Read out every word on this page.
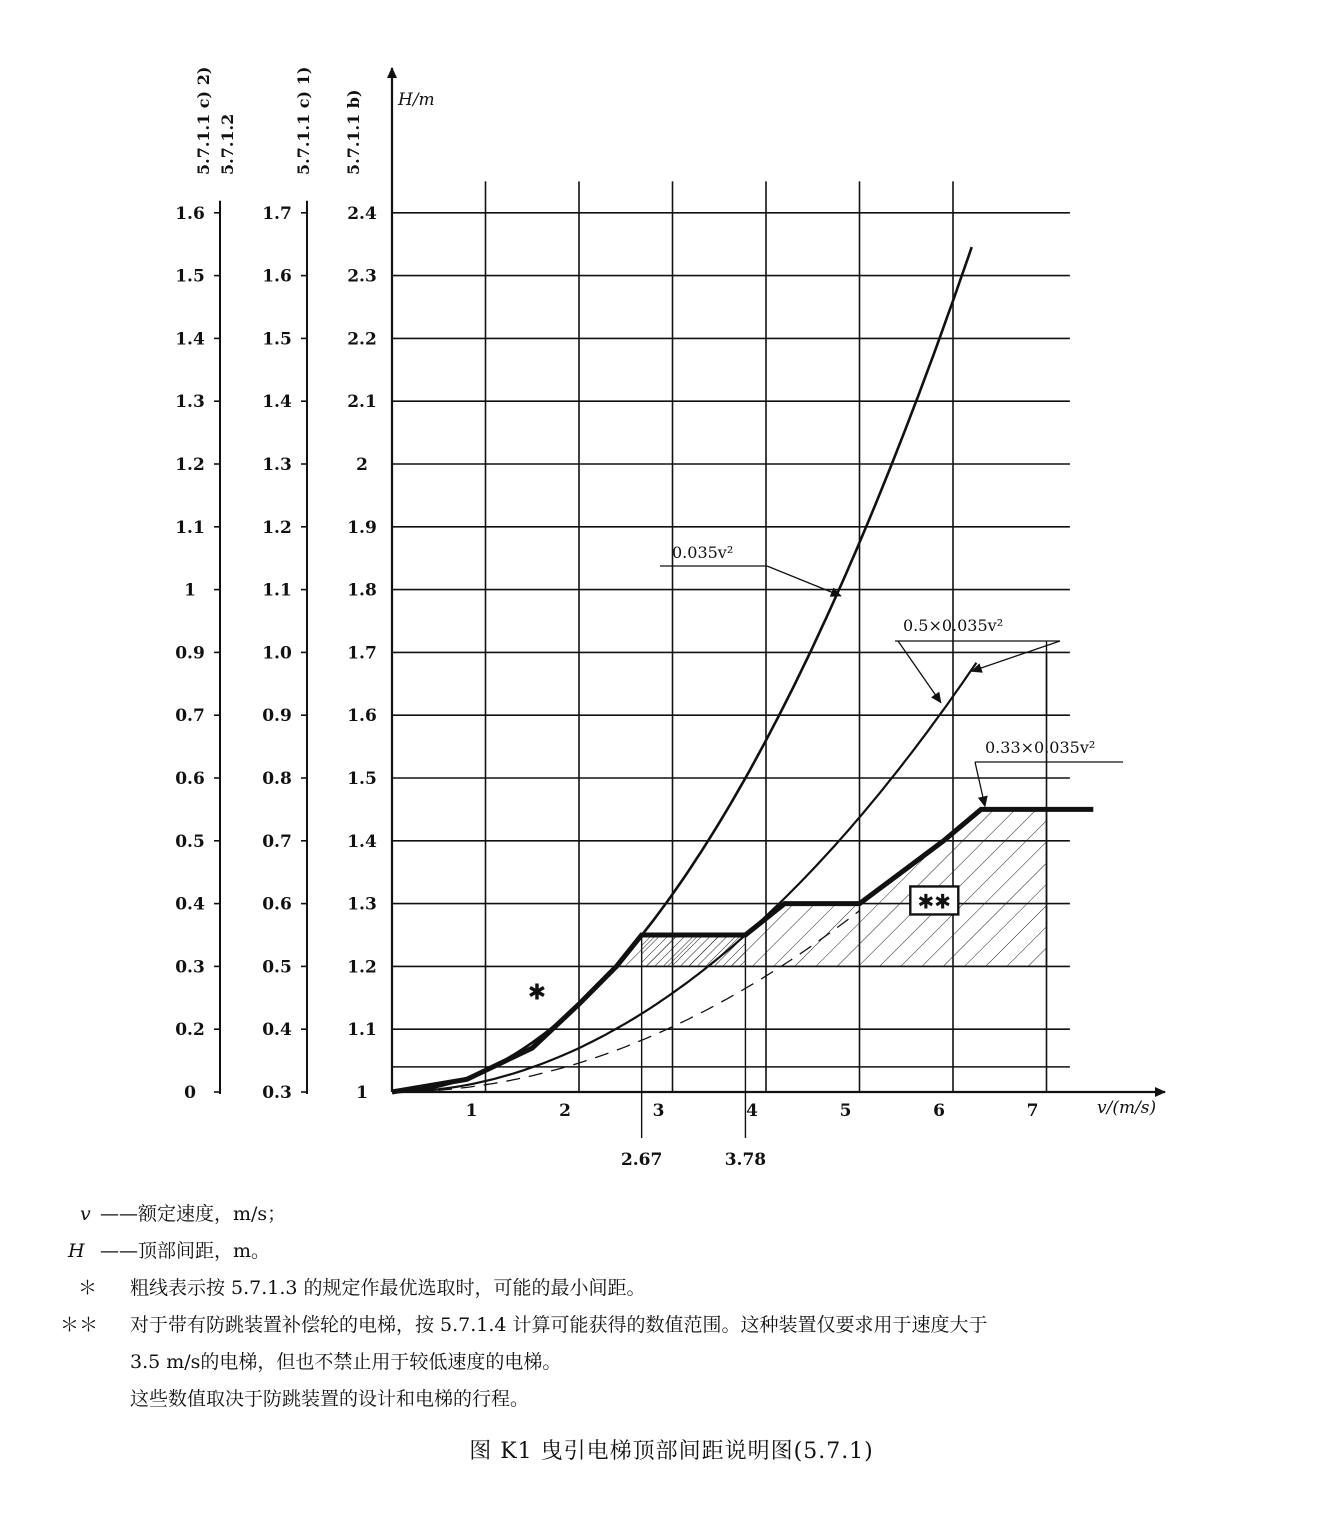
1	2	3	4	5	6	7
2.67	3.78
1
1.1
1.2
1.3
1.4
1.5
1.6
1.7
1.8
1.9
2
2.1
2.2
2.3
2.4
0.3
0.4
0.5
0.6
0.7
0.8
0.9
1.0
1.1
1.2
1.3
1.4
1.5
1.6
1.7
0
0.2
0.3
0.4
0.5
0.6
0.7
0.9
1
1.1
1.2
1.3
1.4
1.5
1.6
5.7.1.1 b)
5.7.1.1 c) 1)
5.7.1.1 c) 2) 5.7.1.2
0.035v²
0.5×0.035v²
0.33×0.035v²
✱
✱✱
H/m
v/(m/s)
v ——额定速度，m/s；
H ——顶部间距，m。
＊ 粗线表示按 5.7.1.3 的规定作最优选取时，可能的最小间距。
＊＊ 对于带有防跳装置补偿轮的电梯，按 5.7.1.4 计算可能获得的数值范围。这种装置仅要求用于速度大于
3.5 m/s的电梯，但也不禁止用于较低速度的电梯。
这些数值取决于防跳装置的设计和电梯的行程。
图 K1 曳引电梯顶部间距说明图(5.7.1)
